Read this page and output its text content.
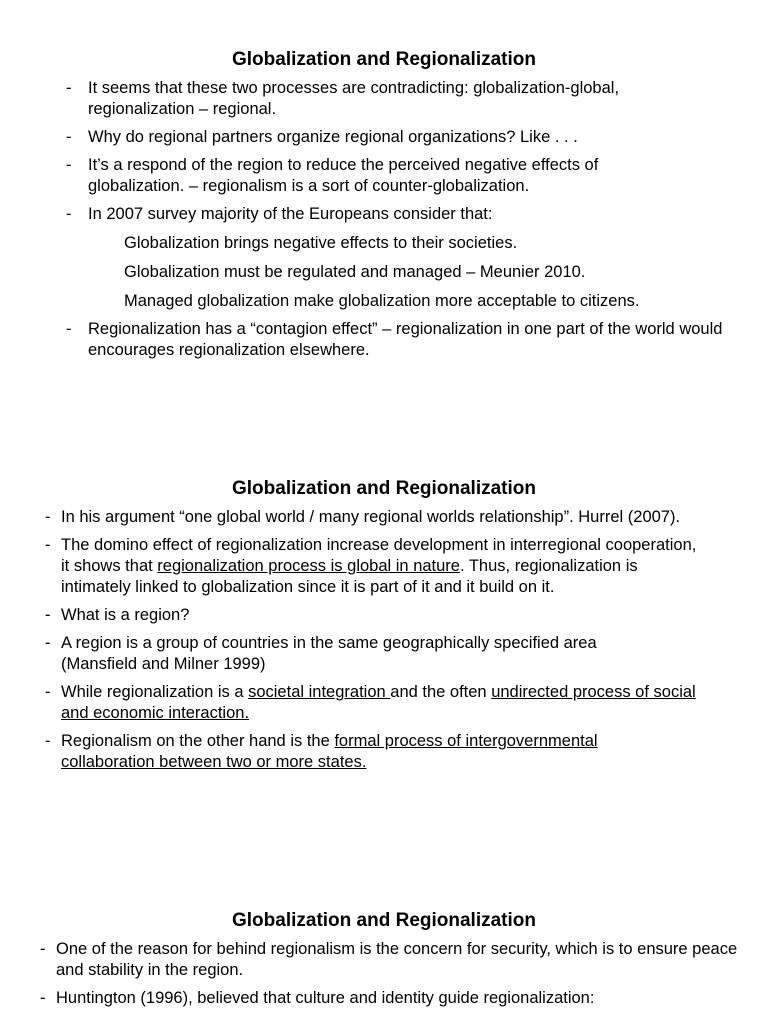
Globalization and Regionalization
- It seems that these two processes are contradicting: globalization-global, regionalization – regional.
- Why do regional partners organize regional organizations? Like . . .
- It’s a respond of the region to reduce the perceived negative effects of globalization. – regionalism is a sort of counter-globalization.
- In 2007 survey majority of the Europeans consider that:
Globalization brings negative effects to their societies.
Globalization must be regulated and managed – Meunier 2010.
Managed globalization make globalization more acceptable to citizens.
- Regionalization has a “contagion effect” – regionalization in one part of the world would encourages regionalization elsewhere.
Globalization and Regionalization
- In his argument “one global world / many regional worlds relationship”. Hurrel (2007).
- The domino effect of regionalization increase development in interregional cooperation, it shows that regionalization process is global in nature. Thus, regionalization is intimately linked to globalization since it is part of it and it build on it.
- What is a region?
- A region is a group of countries in the same geographically specified area (Mansfield and Milner 1999)
- While regionalization is a societal integration and the often undirected process of social and economic interaction.
- Regionalism on the other hand is the formal process of intergovernmental collaboration between two or more states.
Globalization and Regionalization
- One of the reason for behind regionalism is the concern for security, which is to ensure peace and stability in the region.
- Huntington (1996), believed that culture and identity guide regionalization:
